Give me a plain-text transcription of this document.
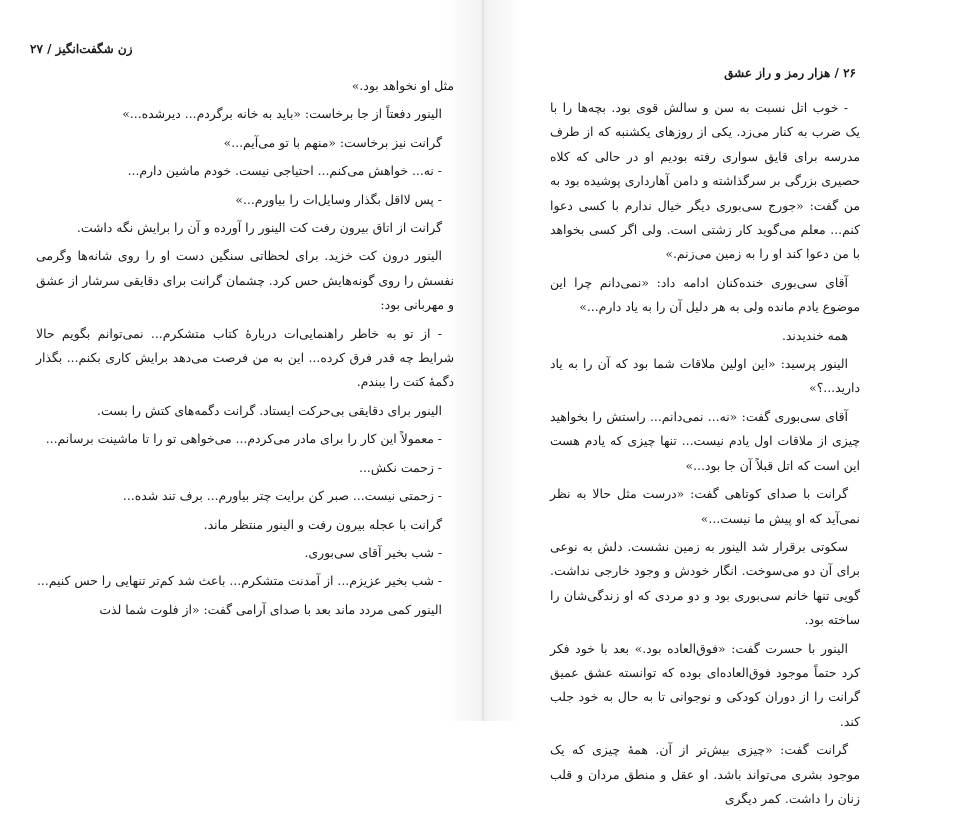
زن شگفت‌انگیز / ۲۷

مثل او نخواهد بود.»

الینور دفعتاً از جا برخاست: «باید به خانه برگردم... دیرشده...»

گرانت نیز برخاست: «منهم با تو می‌آیم...»

- نه... خواهش می‌کنم... احتیاجی نیست. خودم ماشین دارم...

- پس لااقل بگذار وسایل‌ات را بیاورم...»

گرانت از اتاق بیرون رفت کت الینور را آورده و آن را برایش نگه داشت.

الینور درون کت خزید. برای لحظاتی سنگین دست او را روی شانه‌ها وگرمی نفسش را روی گونه‌هایش حس کرد. چشمان گرانت برای دقایقی سرشار از عشق و مهربانی بود:

- از تو به خاطر راهنمایی‌ات دربارهٔ کتاب متشکرم... نمی‌توانم بگویم حالا شرایط چه قدر فرق کرده... این به من فرصت می‌دهد برایش کاری بکنم... بگذار دگمهٔ کتت را ببندم.

الینور برای دقایقی بی‌حرکت ایستاد. گرانت دگمه‌های کتش را بست.

- معمولاً این کار را برای مادر می‌کردم... می‌خواهی تو را تا ماشینت برسانم...

- زحمت نکش...

- زحمتی نیست... صبر کن برایت چتر بیاورم... برف تند شده...

گرانت با عجله بیرون رفت و الینور منتظر ماند.

- شب بخیر آقای سی‌بوری.

- شب بخیر عزیزم... از آمدنت متشکرم... باعث شد کم‌تر تنهایی را حس کنیم...

الینور کمی مردد ماند بعد با صدای آرامی گفت: «از فلوت شما لذت

۲۶ / هزار رمز و راز عشق

- خوب اتل نسبت به سن و سالش قوی بود. بچه‌ها را با یک ضرب به کنار می‌زد. یکی از روزهای یکشنبه که از طرف مدرسه برای قایق سواری رفته بودیم او در حالی که کلاه حصیری بزرگی بر سرگذاشته و دامن آهارداری پوشیده بود به من گفت: «جورج سی‌بوری دیگر خیال ندارم با کسی دعوا کنم... معلم می‌گوید کار زشتی است. ولی اگر کسی بخواهد با من دعوا کند او را به زمین می‌زنم.»

آقای سی‌بوری خنده‌کنان ادامه داد: «نمی‌دانم چرا این موضوع یادم مانده ولی به هر دلیل آن را به یاد دارم...»

همه خندیدند.

الینور پرسید: «این اولین ملاقات شما بود که آن را به یاد دارید...؟»

آقای سی‌بوری گفت: «نه... نمی‌دانم... راستش را بخواهید چیزی از ملاقات اول یادم نیست... تنها چیزی که یادم هست این است که اتل قبلاً آن جا بود...»

گرانت با صدای کوتاهی گفت: «درست مثل حالا به نظر نمی‌آید که او پیش ما نیست...»

سکوتی برقرار شد الینور به زمین نشست. دلش به نوعی برای آن دو می‌سوخت. انگار خودش و وجود خارجی نداشت. گویی تنها خانم سی‌بوری بود و دو مردی که او زندگی‌شان را ساخته بود.

الینور با حسرت گفت: «فوق‌العاده بود.» بعد با خود فکر کرد حتماً موجود فوق‌العاده‌ای بوده که توانسته عشق عمیق گرانت را از دوران کودکی و نوجوانی تا به حال به خود جلب کند.

گرانت گفت: «چیزی بیش‌تر از آن. همهٔ چیزی که یک موجود بشری می‌تواند باشد. او عقل و منطق مردان و قلب زنان را داشت. کمر دیگری
